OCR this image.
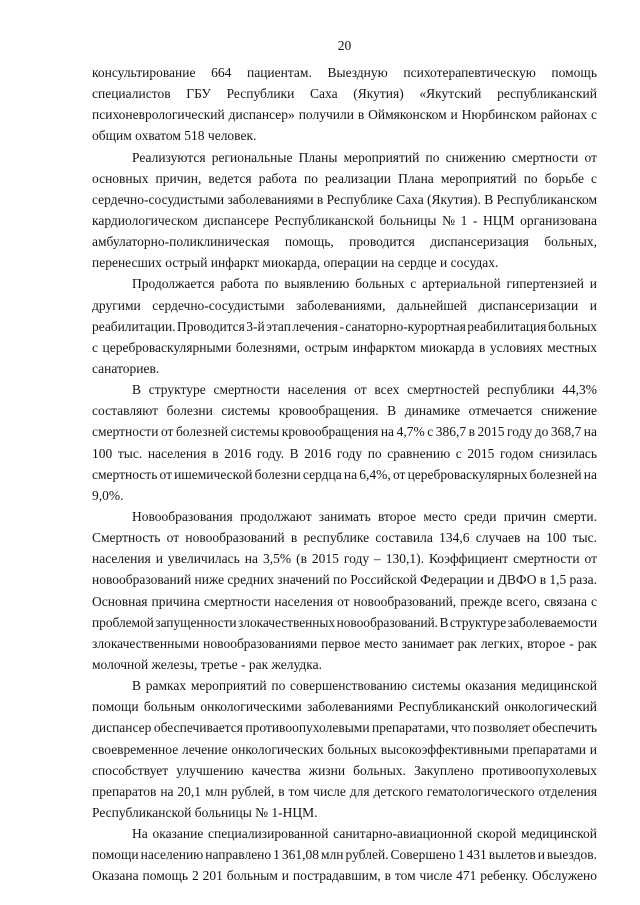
20
консультирование 664 пациентам. Выездную психотерапевтическую помощь
специалистов ГБУ Республики Саха (Якутия) «Якутский республиканский
психоневрологический диспансер» получили в Оймяконском и Нюрбинском районах с
общим охватом 518 человек.
Реализуются региональные Планы мероприятий по снижению смертности от
основных причин, ведется работа по реализации Плана мероприятий по борьбе с
сердечно-сосудистыми заболеваниями в Республике Саха (Якутия). В Республиканском
кардиологическом диспансере Республиканской больницы № 1 - НЦМ организована
амбулаторно-поликлиническая помощь, проводится диспансеризация больных,
перенесших острый инфаркт миокарда, операции на сердце и сосудах.
Продолжается работа по выявлению больных с артериальной гипертензией и
другими сердечно-сосудистыми заболеваниями, дальнейшей диспансеризации и
реабилитации. Проводится 3-й этап лечения - санаторно-курортная реабилитация больных
с цереброваскулярными болезнями, острым инфарктом миокарда в условиях местных
санаториев.
В структуре смертности населения от всех смертностей республики 44,3%
составляют болезни системы кровообращения. В динамике отмечается снижение
смертности от болезней системы кровообращения на 4,7% с 386,7 в 2015 году до 368,7 на
100 тыс. населения в 2016 году. В 2016 году по сравнению с 2015 годом снизилась
смертность от ишемической болезни сердца на 6,4%, от цереброваскулярных болезней на
9,0%.
Новообразования продолжают занимать второе место среди причин смерти.
Смертность от новообразований в республике составила 134,6 случаев на 100 тыс.
населения и увеличилась на 3,5% (в 2015 году – 130,1). Коэффициент смертности от
новообразований ниже средних значений по Российской Федерации и ДВФО в 1,5 раза.
Основная причина смертности населения от новообразований, прежде всего, связана с
проблемой запущенности злокачественных новообразований. В структуре заболеваемости
злокачественными новообразованиями первое место занимает рак легких, второе - рак
молочной железы, третье - рак желудка.
В рамках мероприятий по совершенствованию системы оказания медицинской
помощи больным онкологическими заболеваниями Республиканский онкологический
диспансер обеспечивается противоопухолевыми препаратами, что позволяет обеспечить
своевременное лечение онкологических больных высокоэффективными препаратами и
способствует улучшению качества жизни больных. Закуплено противоопухолевых
препаратов на 20,1 млн рублей, в том числе для детского гематологического отделения
Республиканской больницы № 1-НЦМ.
На оказание специализированной санитарно-авиационной скорой медицинской
помощи населению направлено 1 361,08 млн рублей. Совершено 1 431 вылетов и выездов.
Оказана помощь 2 201 больным и пострадавшим, в том числе 471 ребенку. Обслужено
